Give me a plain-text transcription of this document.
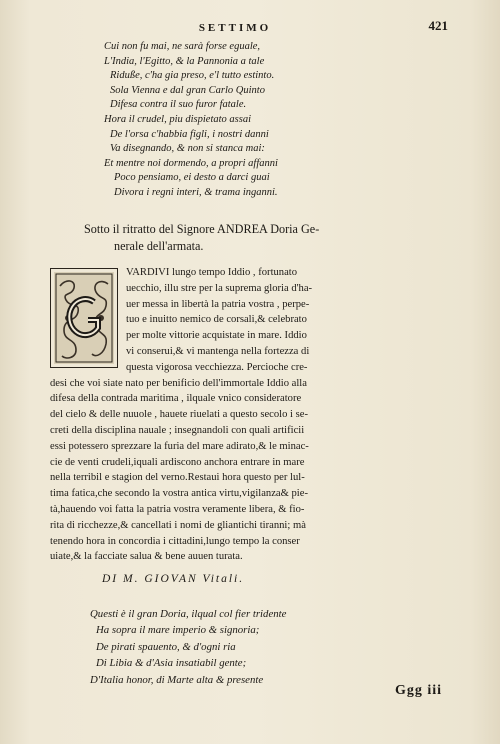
SETTIMO	421
Cui non fu mai, ne sarà forse eguale,
L'India, l'Egitto, & la Pannonia a tale
Riduße, c'ha gia preso, e'l tutto estinto.
Sola Vienna e dal gran Carlo Quinto
Difesa contra il suo furor fatale.
Hora il crudel, piu dispietato assai
De l'orsa c'habbia figli, i nostri danni
Va disegnando, & non si stanca mai:
Et mentre noi dormendo, a propri affanni
Poco pensiamo, ei desto a darci guai
Divora i regni interi, & trama inganni.
Sotto il ritratto del Signore ANDREA Doria Ge-
nerale dell'armata.
VARDIVI lungo tempo Iddio , fortunato
uecchio, illu stre per la suprema gloria d'ha-
uer messa in libertà la patria vostra , perpe-
tuo e inuitto nemico de corsali,& celebrato
per molte vittorie acquistate in mare. Iddio
vi conserui,& vi mantenga nella fortezza di
questa vigorosa vecchiezza. Percioche cre-
desi che voi siate nato per benificio dell'immortale Iddio alla
difesa della contrada maritima , ilquale vnico consideratore
del cielo & delle nuuole , hauete riuelati a questo secolo i se-
creti della disciplina nauale ; insegnandoli con quali artificii
essi potessero sprezzare la furia del mare adirato,& le minac-
cie de venti crudeli,iquali ardiscono anchora entrare in mare
nella terribil e stagion del verno.Restaui hora questo per lul-
tima fatica,che secondo la vostra antica virtu,vigilanza& pie-
tà,hauendo voi fatta la patria vostra veramente libera, & fio-
rita di ricchezze,& cancellati i nomi de gliantichi tiranni; mà
tenendo hora in concordia i cittadini,lungo tempo la conser
uiate,& la facciate salua & bene auuen turata.
DI M. GIOVAN Vitali.
Questi è il gran Doria, ilqual col fier tridente
Ha sopra il mare imperio & signoria;
De pirati spauento, & d'ogni ria
Di Libia & d'Asia insatiabil gente;
D'Italia honor, di Marte alta & presente
Ggg iii
